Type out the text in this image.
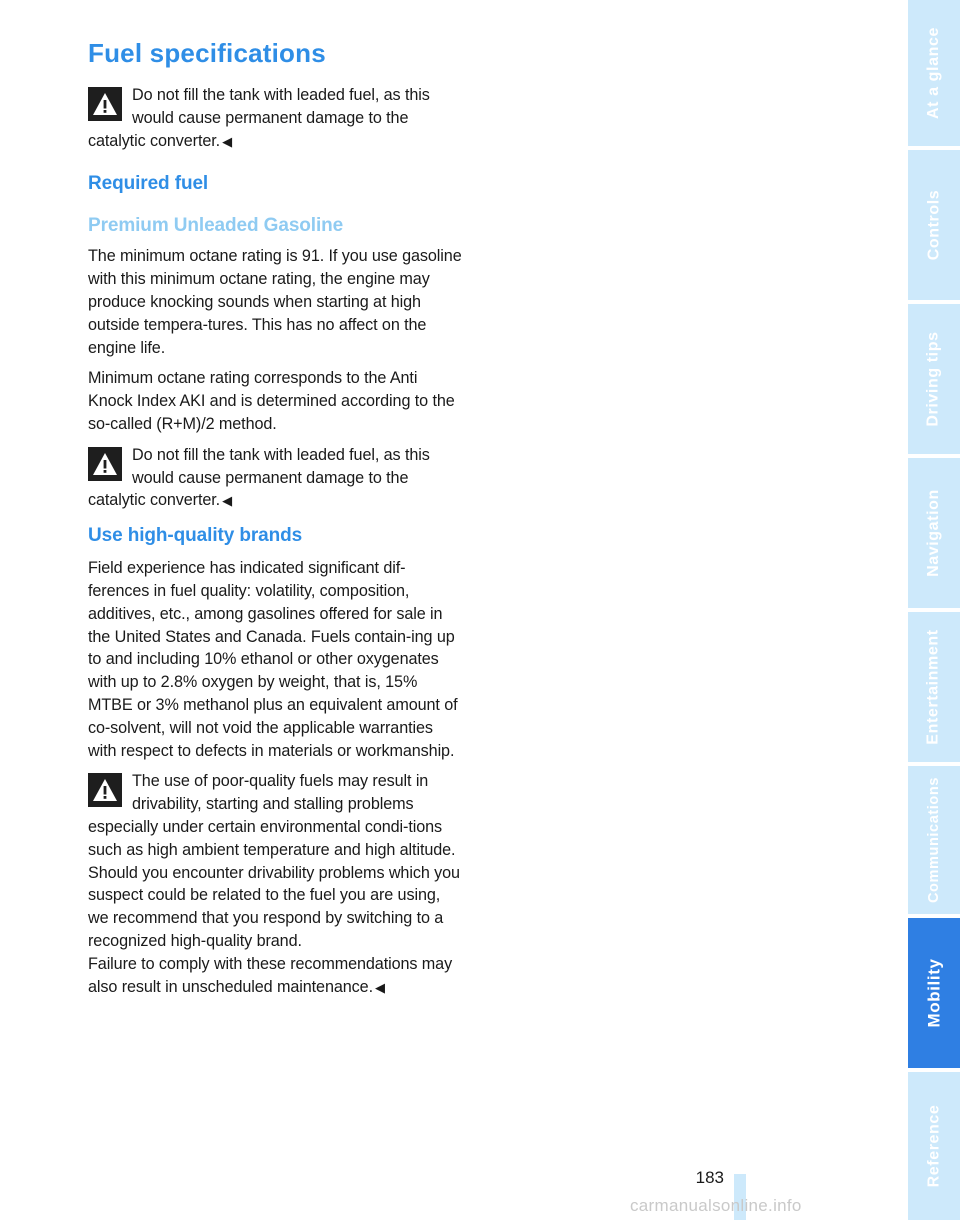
Fuel specifications

Do not fill the tank with leaded fuel, as this

would cause permanent damage to the

catalytic converter. ◀

Required fuel
Premium Unleaded Gasoline

The minimum octane rating is 91. If you use gasoline with this minimum octane rating, the engine may produce knocking sounds when starting at high outside tempera-tures. This has no affect on the engine life.

Minimum octane rating corresponds to the Anti Knock Index AKI and is determined according to the so-called (R+M)/2 method.

Do not fill the tank with leaded fuel, as this

would cause permanent damage to the

catalytic converter. ◀

Use high-quality brands

Field experience has indicated significant dif-ferences in fuel quality: volatility, composition, additives, etc., among gasolines offered for sale in the United States and Canada. Fuels contain-ing up to and including 10% ethanol or other oxygenates with up to 2.8% oxygen by weight, that is, 15% MTBE or 3% methanol plus an equivalent amount of co-solvent, will not void the applicable warranties with respect to defects in materials or workmanship.

The use of poor-quality fuels may result in

drivability, starting and stalling problems

especially under certain environmental condi-tions such as high ambient temperature and high altitude.

Should you encounter drivability problems which you suspect could be related to the fuel you are using, we recommend that you respond by switching to a recognized high-quality brand.

Failure to comply with these recommendations may also result in unscheduled maintenance. ◀

At a glance
Controls
Driving tips
Navigation
Entertainment
Communications
Mobility
Reference
183
carmanualsonline.info
